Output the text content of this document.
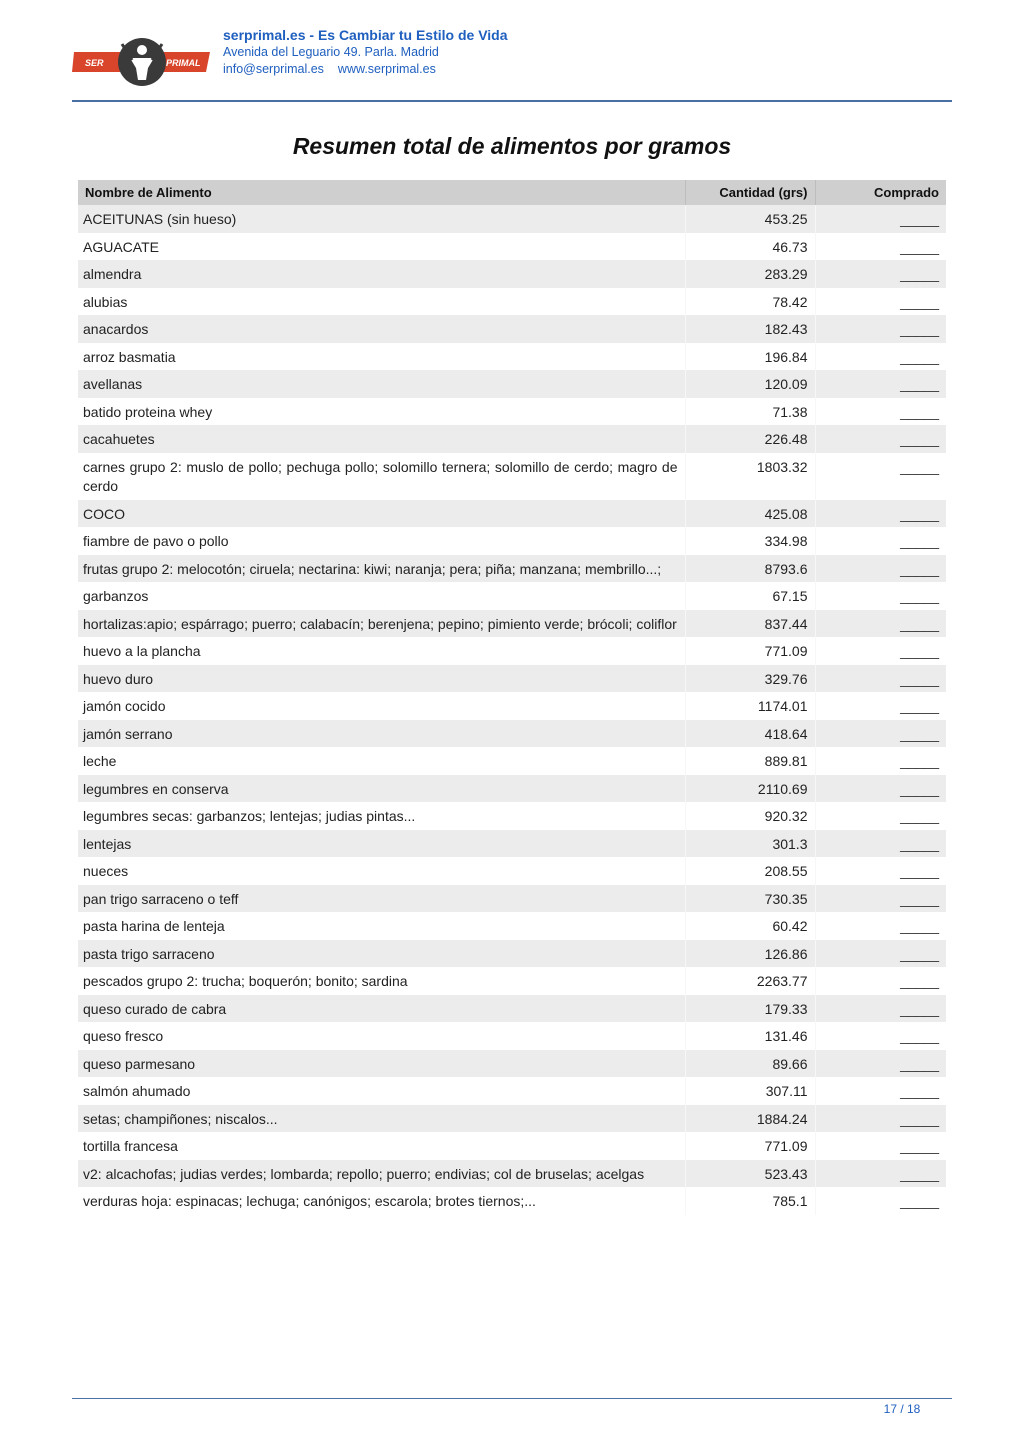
SER	PRIMAL
serprimal.es - Es Cambiar tu Estilo de Vida
Avenida del Leguario 49. Parla. Madrid
info@serprimal.es www.serprimal.es
Resumen total de alimentos por gramos
Nombre de Alimento	Cantidad (grs)	Comprado
ACEITUNAS (sin hueso)	453.25	_____
AGUACATE	46.73	_____
almendra	283.29	_____
alubias	78.42	_____
anacardos	182.43	_____
arroz basmatia	196.84	_____
avellanas	120.09	_____
batido proteina whey	71.38	_____
cacahuetes	226.48	_____
carnes grupo 2: muslo de pollo; pechuga pollo; solomillo ternera; solomillo de cerdo; magro de cerdo	1803.32	_____
COCO	425.08	_____
fiambre de pavo o pollo	334.98	_____
frutas grupo 2: melocotón; ciruela; nectarina: kiwi; naranja; pera; piña; manzana; membrillo...;	8793.6	_____
garbanzos	67.15	_____
hortalizas:apio; espárrago; puerro; calabacín; berenjena; pepino; pimiento verde; brócoli; coliflor	837.44	_____
huevo a la plancha	771.09	_____
huevo duro	329.76	_____
jamón cocido	1174.01	_____
jamón serrano	418.64	_____
leche	889.81	_____
legumbres en conserva	2110.69	_____
legumbres secas: garbanzos; lentejas; judias pintas...	920.32	_____
lentejas	301.3	_____
nueces	208.55	_____
pan trigo sarraceno o teff	730.35	_____
pasta harina de lenteja	60.42	_____
pasta trigo sarraceno	126.86	_____
pescados grupo 2: trucha; boquerón; bonito; sardina	2263.77	_____
queso curado de cabra	179.33	_____
queso fresco	131.46	_____
queso parmesano	89.66	_____
salmón ahumado	307.11	_____
setas; champiñones; niscalos...	1884.24	_____
tortilla francesa	771.09	_____
v2: alcachofas; judias verdes; lombarda; repollo; puerro; endivias; col de bruselas; acelgas	523.43	_____
verduras hoja: espinacas; lechuga; canónigos; escarola; brotes tiernos;...	785.1	_____
17 / 18
